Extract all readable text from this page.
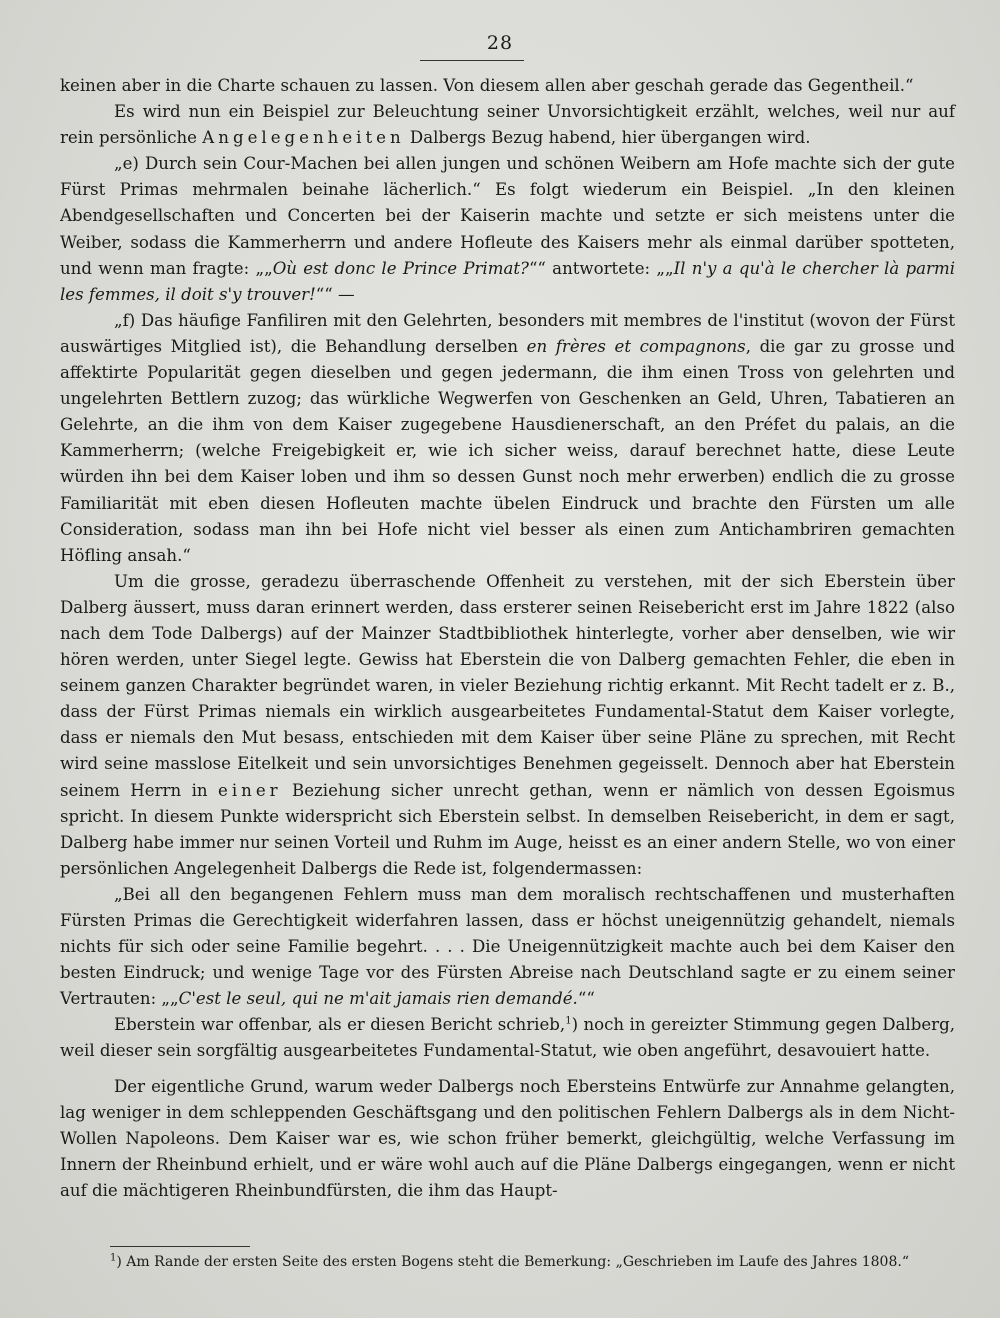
28

keinen aber in die Charte schauen zu lassen. Von diesem allen aber geschah gerade das Gegentheil.“

Es wird nun ein Beispiel zur Beleuchtung seiner Unvorsichtigkeit erzählt, welches, weil nur auf rein persönliche Angelegenheiten Dalbergs Bezug habend, hier übergangen wird.

„e) Durch sein Cour-Machen bei allen jungen und schönen Weibern am Hofe machte sich der gute Fürst Primas mehrmalen beinahe lächerlich.“ Es folgt wiederum ein Beispiel. „In den kleinen Abendgesellschaften und Concerten bei der Kaiserin machte und setzte er sich meistens unter die Weiber, sodass die Kammerherrn und andere Hofleute des Kaisers mehr als einmal darüber spotteten, und wenn man fragte: „„Où est donc le Prince Primat?““ antwortete: „„Il n'y a qu'à le chercher là parmi les femmes, il doit s'y trouver!““ —

„f) Das häufige Fanfiliren mit den Gelehrten, besonders mit membres de l'institut (wovon der Fürst auswärtiges Mitglied ist), die Behandlung derselben en frères et compagnons, die gar zu grosse und affektirte Popularität gegen dieselben und gegen jedermann, die ihm einen Tross von gelehrten und ungelehrten Bettlern zuzog; das würkliche Wegwerfen von Geschenken an Geld, Uhren, Tabatieren an Gelehrte, an die ihm von dem Kaiser zugegebene Hausdienerschaft, an den Préfet du palais, an die Kammerherrn; (welche Freigebigkeit er, wie ich sicher weiss, darauf berechnet hatte, diese Leute würden ihn bei dem Kaiser loben und ihm so dessen Gunst noch mehr erwerben) endlich die zu grosse Familiarität mit eben diesen Hofleuten machte übelen Eindruck und brachte den Fürsten um alle Consideration, sodass man ihn bei Hofe nicht viel besser als einen zum Antichambriren gemachten Höfling ansah.“

Um die grosse, geradezu überraschende Offenheit zu verstehen, mit der sich Eberstein über Dalberg äussert, muss daran erinnert werden, dass ersterer seinen Reisebericht erst im Jahre 1822 (also nach dem Tode Dalbergs) auf der Mainzer Stadtbibliothek hinterlegte, vorher aber denselben, wie wir hören werden, unter Siegel legte. Gewiss hat Eberstein die von Dalberg gemachten Fehler, die eben in seinem ganzen Charakter begründet waren, in vieler Beziehung richtig erkannt. Mit Recht tadelt er z. B., dass der Fürst Primas niemals ein wirklich ausgearbeitetes Fundamental-Statut dem Kaiser vorlegte, dass er niemals den Mut besass, entschieden mit dem Kaiser über seine Pläne zu sprechen, mit Recht wird seine masslose Eitelkeit und sein unvorsichtiges Benehmen gegeisselt. Dennoch aber hat Eberstein seinem Herrn in einer Beziehung sicher unrecht gethan, wenn er nämlich von dessen Egoismus spricht. In diesem Punkte widerspricht sich Eberstein selbst. In demselben Reisebericht, in dem er sagt, Dalberg habe immer nur seinen Vorteil und Ruhm im Auge, heisst es an einer andern Stelle, wo von einer persönlichen Angelegenheit Dalbergs die Rede ist, folgendermassen:

„Bei all den begangenen Fehlern muss man dem moralisch rechtschaffenen und musterhaften Fürsten Primas die Gerechtigkeit widerfahren lassen, dass er höchst uneigennützig gehandelt, niemals nichts für sich oder seine Familie begehrt. . . . Die Uneigennützigkeit machte auch bei dem Kaiser den besten Eindruck; und wenige Tage vor des Fürsten Abreise nach Deutschland sagte er zu einem seiner Vertrauten: „„C'est le seul, qui ne m'ait jamais rien demandé.““

Eberstein war offenbar, als er diesen Bericht schrieb,$^1$) noch in gereizter Stimmung gegen Dalberg, weil dieser sein sorgfältig ausgearbeitetes Fundamental-Statut, wie oben angeführt, desavouiert hatte.

Der eigentliche Grund, warum weder Dalbergs noch Ebersteins Entwürfe zur Annahme gelangten, lag weniger in dem schleppenden Geschäftsgang und den politischen Fehlern Dalbergs als in dem Nicht-Wollen Napoleons. Dem Kaiser war es, wie schon früher bemerkt, gleichgültig, welche Verfassung im Innern der Rheinbund erhielt, und er wäre wohl auch auf die Pläne Dalbergs eingegangen, wenn er nicht auf die mächtigeren Rheinbundfürsten, die ihm das Haupt-

$^1$) Am Rande der ersten Seite des ersten Bogens steht die Bemerkung: „Geschrieben im Laufe des Jahres 1808.“
